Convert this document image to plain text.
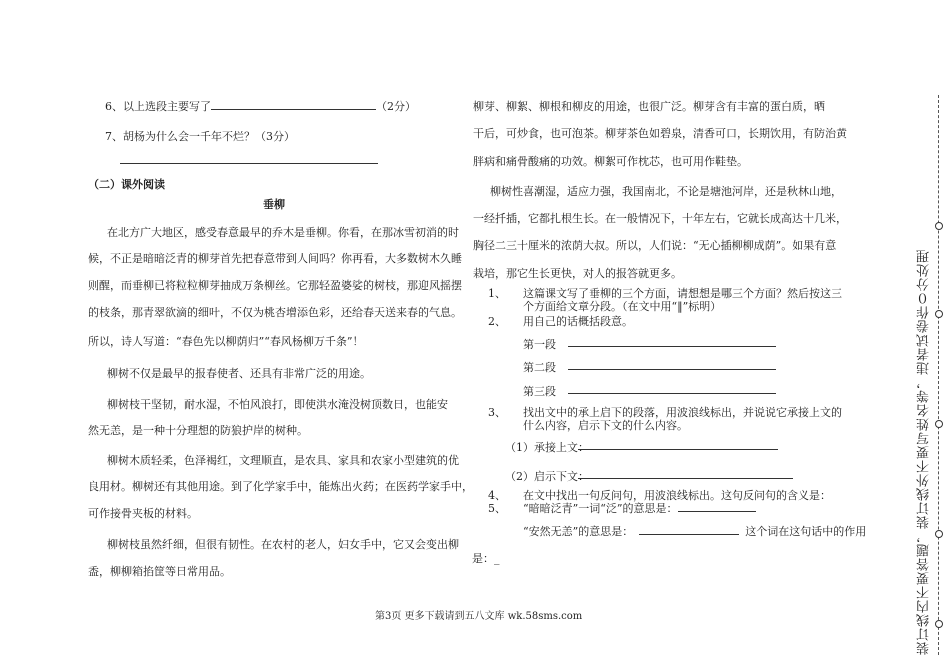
6、以上选段主要写了	（2分）
7、胡杨为什么会一千年不烂？（3分）
（二）课外阅读
垂柳
在北方广大地区，感受春意最早的乔木是垂柳。你看，在那冰雪初消的时
候，不正是暗暗泛青的柳芽首先把春意带到人间吗？你再看，大多数树木久睡
则醒，而垂柳已将粒粒柳芽抽成万条柳丝。它那轻盈婆娑的树枝，那迎风摇摆
的枝条，那青翠欲滴的细叶，不仅为桃杏增添色彩，还给春天送来春的气息。
所以，诗人写道：“春色先以柳荫归”“春风杨柳万千条”！
柳树不仅是最早的报春使者、还具有非常广泛的用途。
柳树枝干坚韧，耐水湿，不怕风浪打，即使洪水淹没树顶数日，也能安
然无恙，是一种十分理想的防狼护岸的树种。
柳树木质轻柔，色泽褐红，文理顺直，是农具、家具和农家小型建筑的优
良用材。柳树还有其他用途。到了化学家手中，能炼出火药；在医药学家手中，
可作接骨夹板的材料。
柳树枝虽然纤细，但很有韧性。在农村的老人，妇女手中，它又会变出柳
盉，柳柳箱掐筐等日常用品。
柳芽、柳絮、柳根和柳皮的用途，也很广泛。柳芽含有丰富的蛋白质，晒
干后，可炒食，也可泡茶。柳芽茶色如碧泉，清香可口，长期饮用，有防治黄
胖病和痛骨酸痛的功效。柳絮可作枕芯，也可用作鞋垫。
柳树性喜潮湿，适应力强，我国南北，不论是塘池河岸，还是秋林山地，
一经扦插，它都扎根生长。在一般情况下，十年左右，它就长成高达十几米，
胸径二三十厘米的浓荫大叔。所以，人们说：“无心插柳柳成荫”。如果有意
栽培，那它生长更快，对人的报答就更多。
1、 这篇课文写了垂柳的三个方面，请想想是哪三个方面？然后按这三
个方面给文章分段。（在文中用“‖”标明）
2、 用自己的话概括段意。
第一段
第二段
第三段
3、 找出文中的承上启下的段落，用波浪线标出，并说说它承接上文的
什么内容，启示下文的什么内容。
（1）承接上文：
（2）启示下文：
4、 在文中找出一句反问句，用波浪线标出。这句反问句的含义是：
5、 “暗暗泛青”一词“泛”的意思是：
“安然无恙”的意思是：	这个词在这句话中的作用
是：_
第3页 更多下载请到五八文库 wk.58sms.com	装订线内不要答题，装订线外不要写姓名等，违者试卷作０分处理
